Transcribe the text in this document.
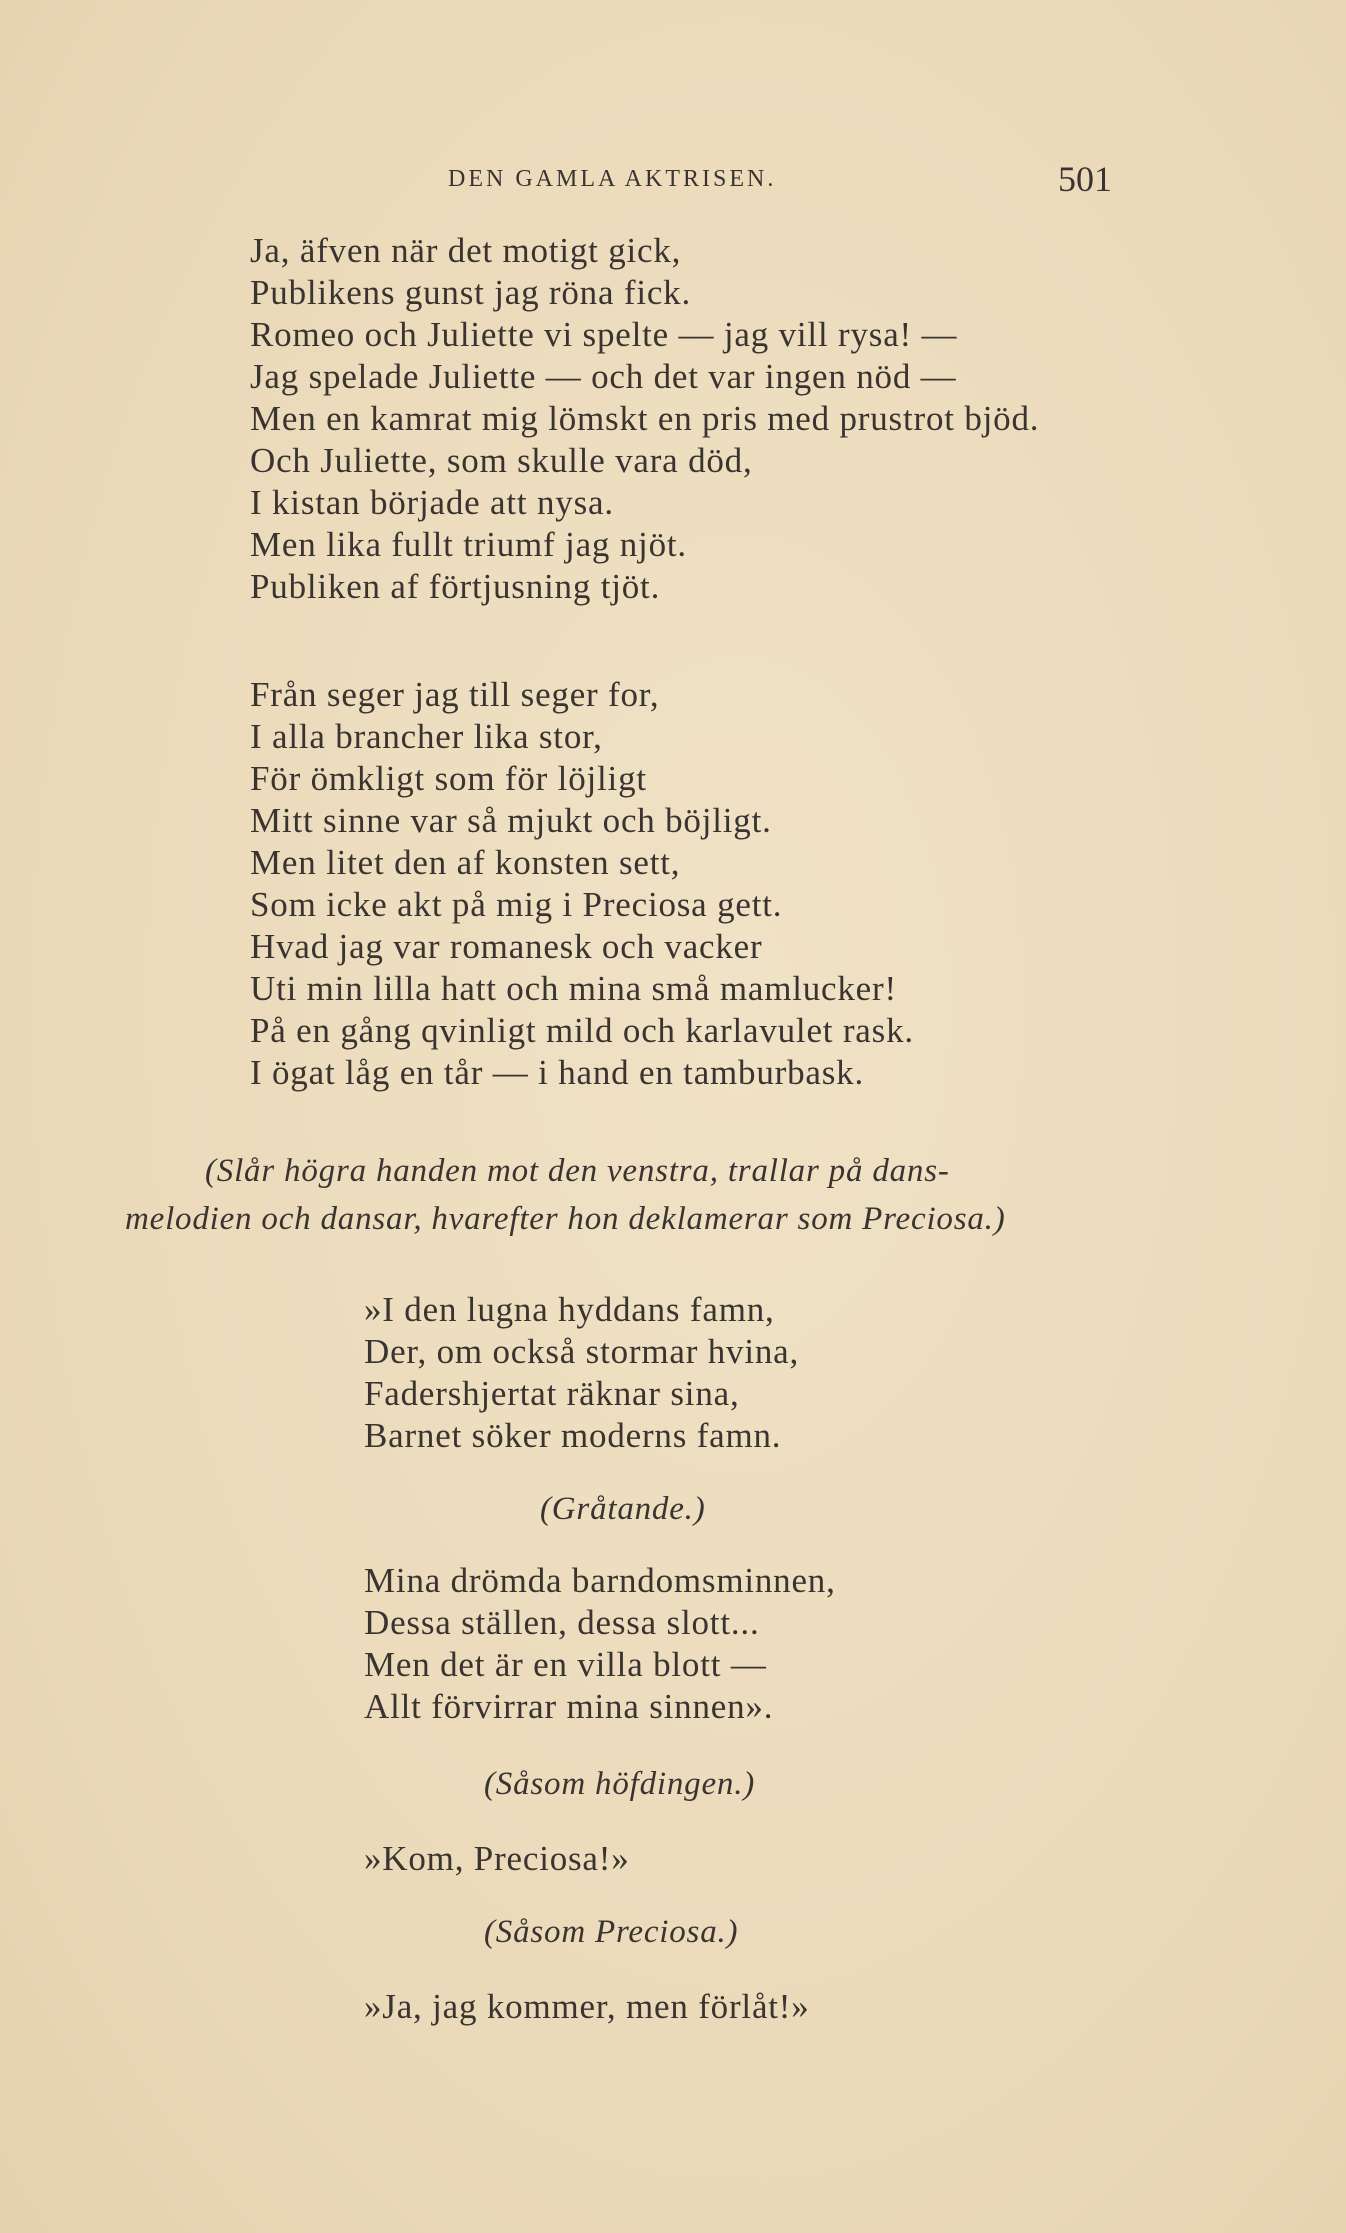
DEN GAMLA AKTRISEN.	501
Ja, äfven när det motigt gick,
Publikens gunst jag röna fick.
Romeo och Juliette vi spelte — jag vill rysa! —
Jag spelade Juliette — och det var ingen nöd —
Men en kamrat mig lömskt en pris med prustrot bjöd.
Och Juliette, som skulle vara död,
I kistan började att nysa.
Men lika fullt triumf jag njöt.
Publiken af förtjusning tjöt.
Från seger jag till seger for,
I alla brancher lika stor,
För ömkligt som för löjligt
Mitt sinne var så mjukt och böjligt.
Men litet den af konsten sett,
Som icke akt på mig i Preciosa gett.
Hvad jag var romanesk och vacker
Uti min lilla hatt och mina små mamlucker!
På en gång qvinligt mild och karlavulet rask.
I ögat låg en tår — i hand en tamburbask.
(Slår högra handen mot den venstra, trallar på dans-
melodien och dansar, hvarefter hon deklamerar som Preciosa.)
»I den lugna hyddans famn,
Der, om också stormar hvina,
Fadershjertat räknar sina,
Barnet söker moderns famn.
(Gråtande.)
Mina drömda barndomsminnen,
Dessa ställen, dessa slott...
Men det är en villa blott —
Allt förvirrar mina sinnen».
(Såsom höfdingen.)
»Kom, Preciosa!»
(Såsom Preciosa.)
»Ja, jag kommer, men förlåt!»
